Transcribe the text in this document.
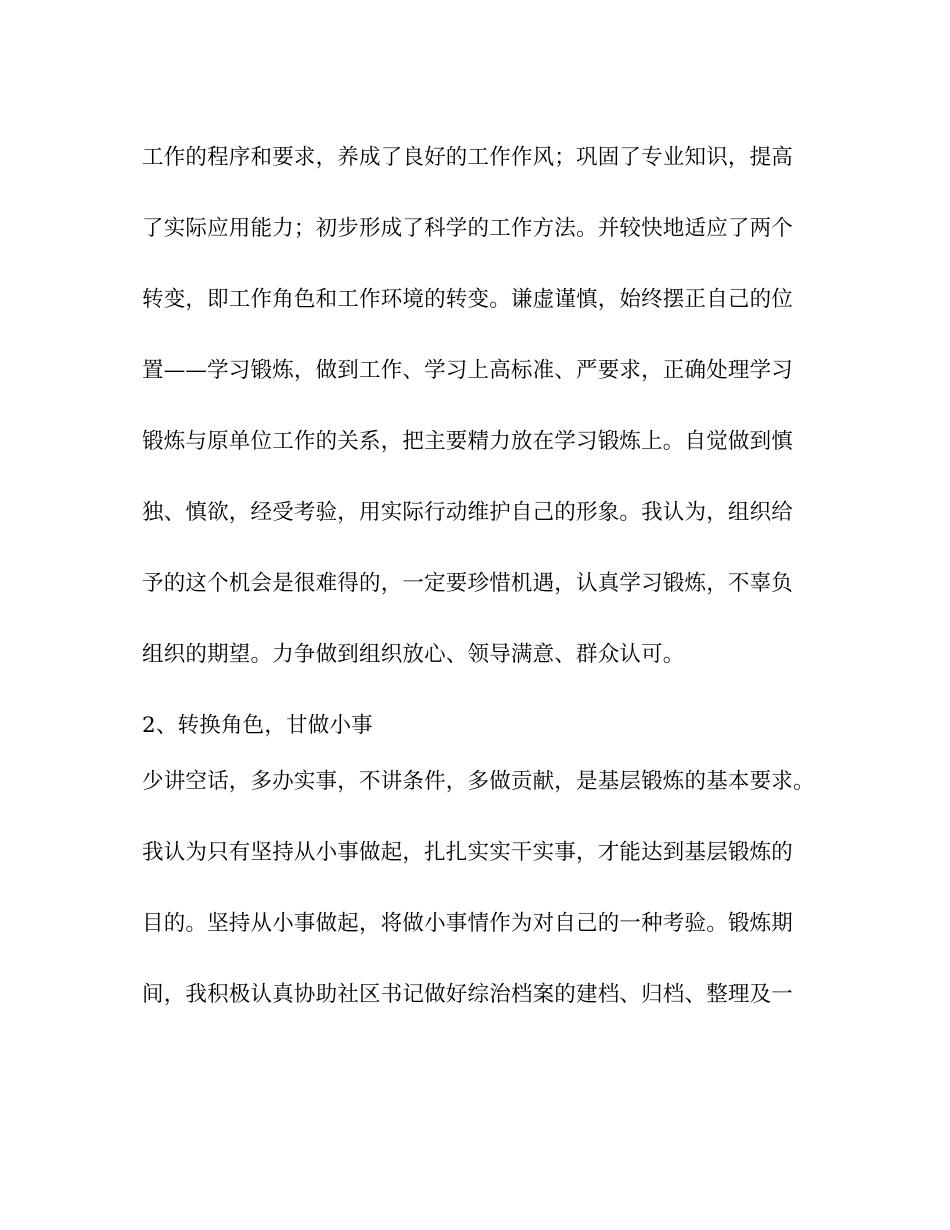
工作的程序和要求，养成了良好的工作作风；巩固了专业知识，提高
了实际应用能力；初步形成了科学的工作方法。并较快地适应了两个
转变，即工作角色和工作环境的转变。谦虚谨慎，始终摆正自己的位
置——学习锻炼，做到工作、学习上高标准、严要求，正确处理学习
锻炼与原单位工作的关系，把主要精力放在学习锻炼上。自觉做到慎
独、慎欲，经受考验，用实际行动维护自己的形象。我认为，组织给
予的这个机会是很难得的，一定要珍惜机遇，认真学习锻炼，不辜负
组织的期望。力争做到组织放心、领导满意、群众认可。
2、转换角色，甘做小事
少讲空话，多办实事，不讲条件，多做贡献，是基层锻炼的基本要求。
我认为只有坚持从小事做起，扎扎实实干实事，才能达到基层锻炼的
目的。坚持从小事做起，将做小事情作为对自己的一种考验。锻炼期
间，我积极认真协助社区书记做好综治档案的建档、归档、整理及一
